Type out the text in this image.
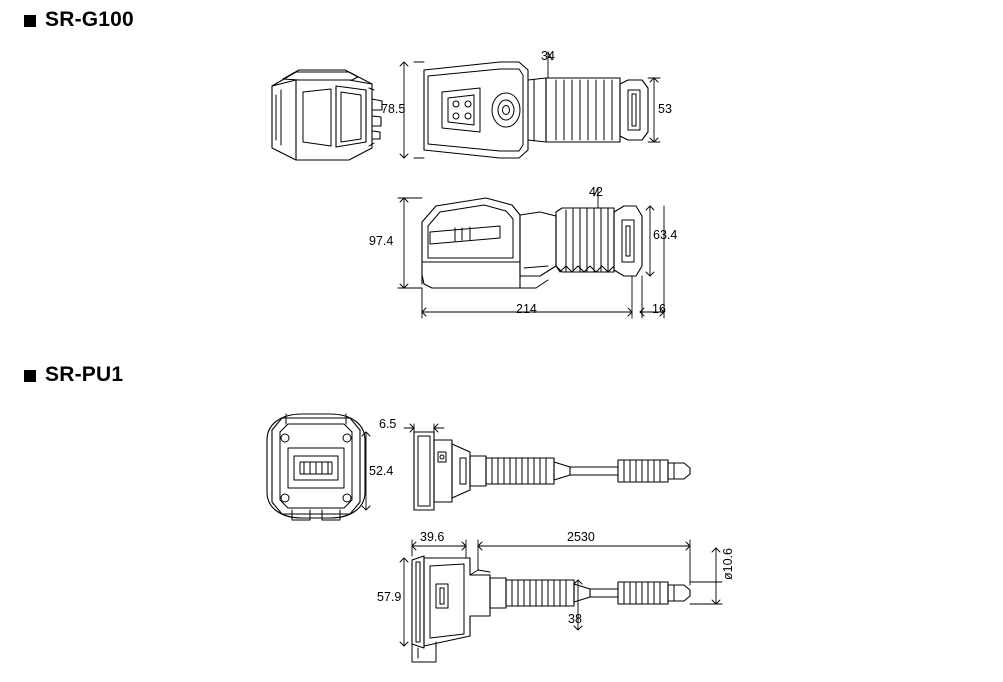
SR-G100
SR-PU1
34
78.5	53
42
97.4	63.4
214	16
6.5
52.4
39.6	2530
ø10.6
57.9
38
